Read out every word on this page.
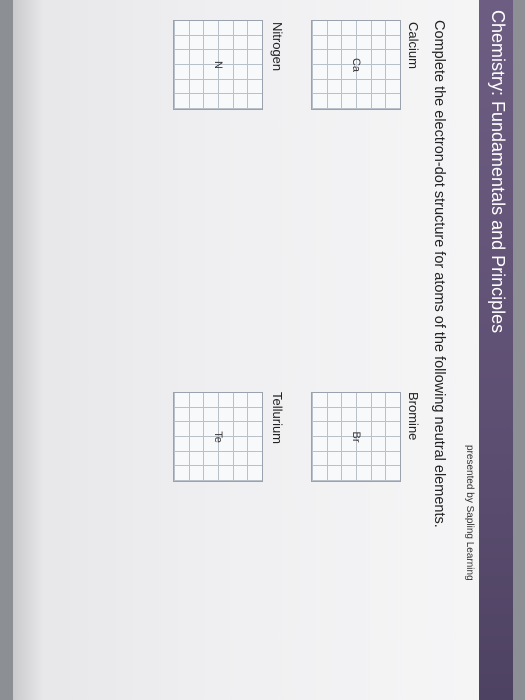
Chemistry: Fundamentals and Principles
presented by Sapling Learning
Complete the electron-dot structure for atoms of the following neutral elements.
Calcium
Ca
Bromine
Br
Nitrogen
N
Tellurium
Te
